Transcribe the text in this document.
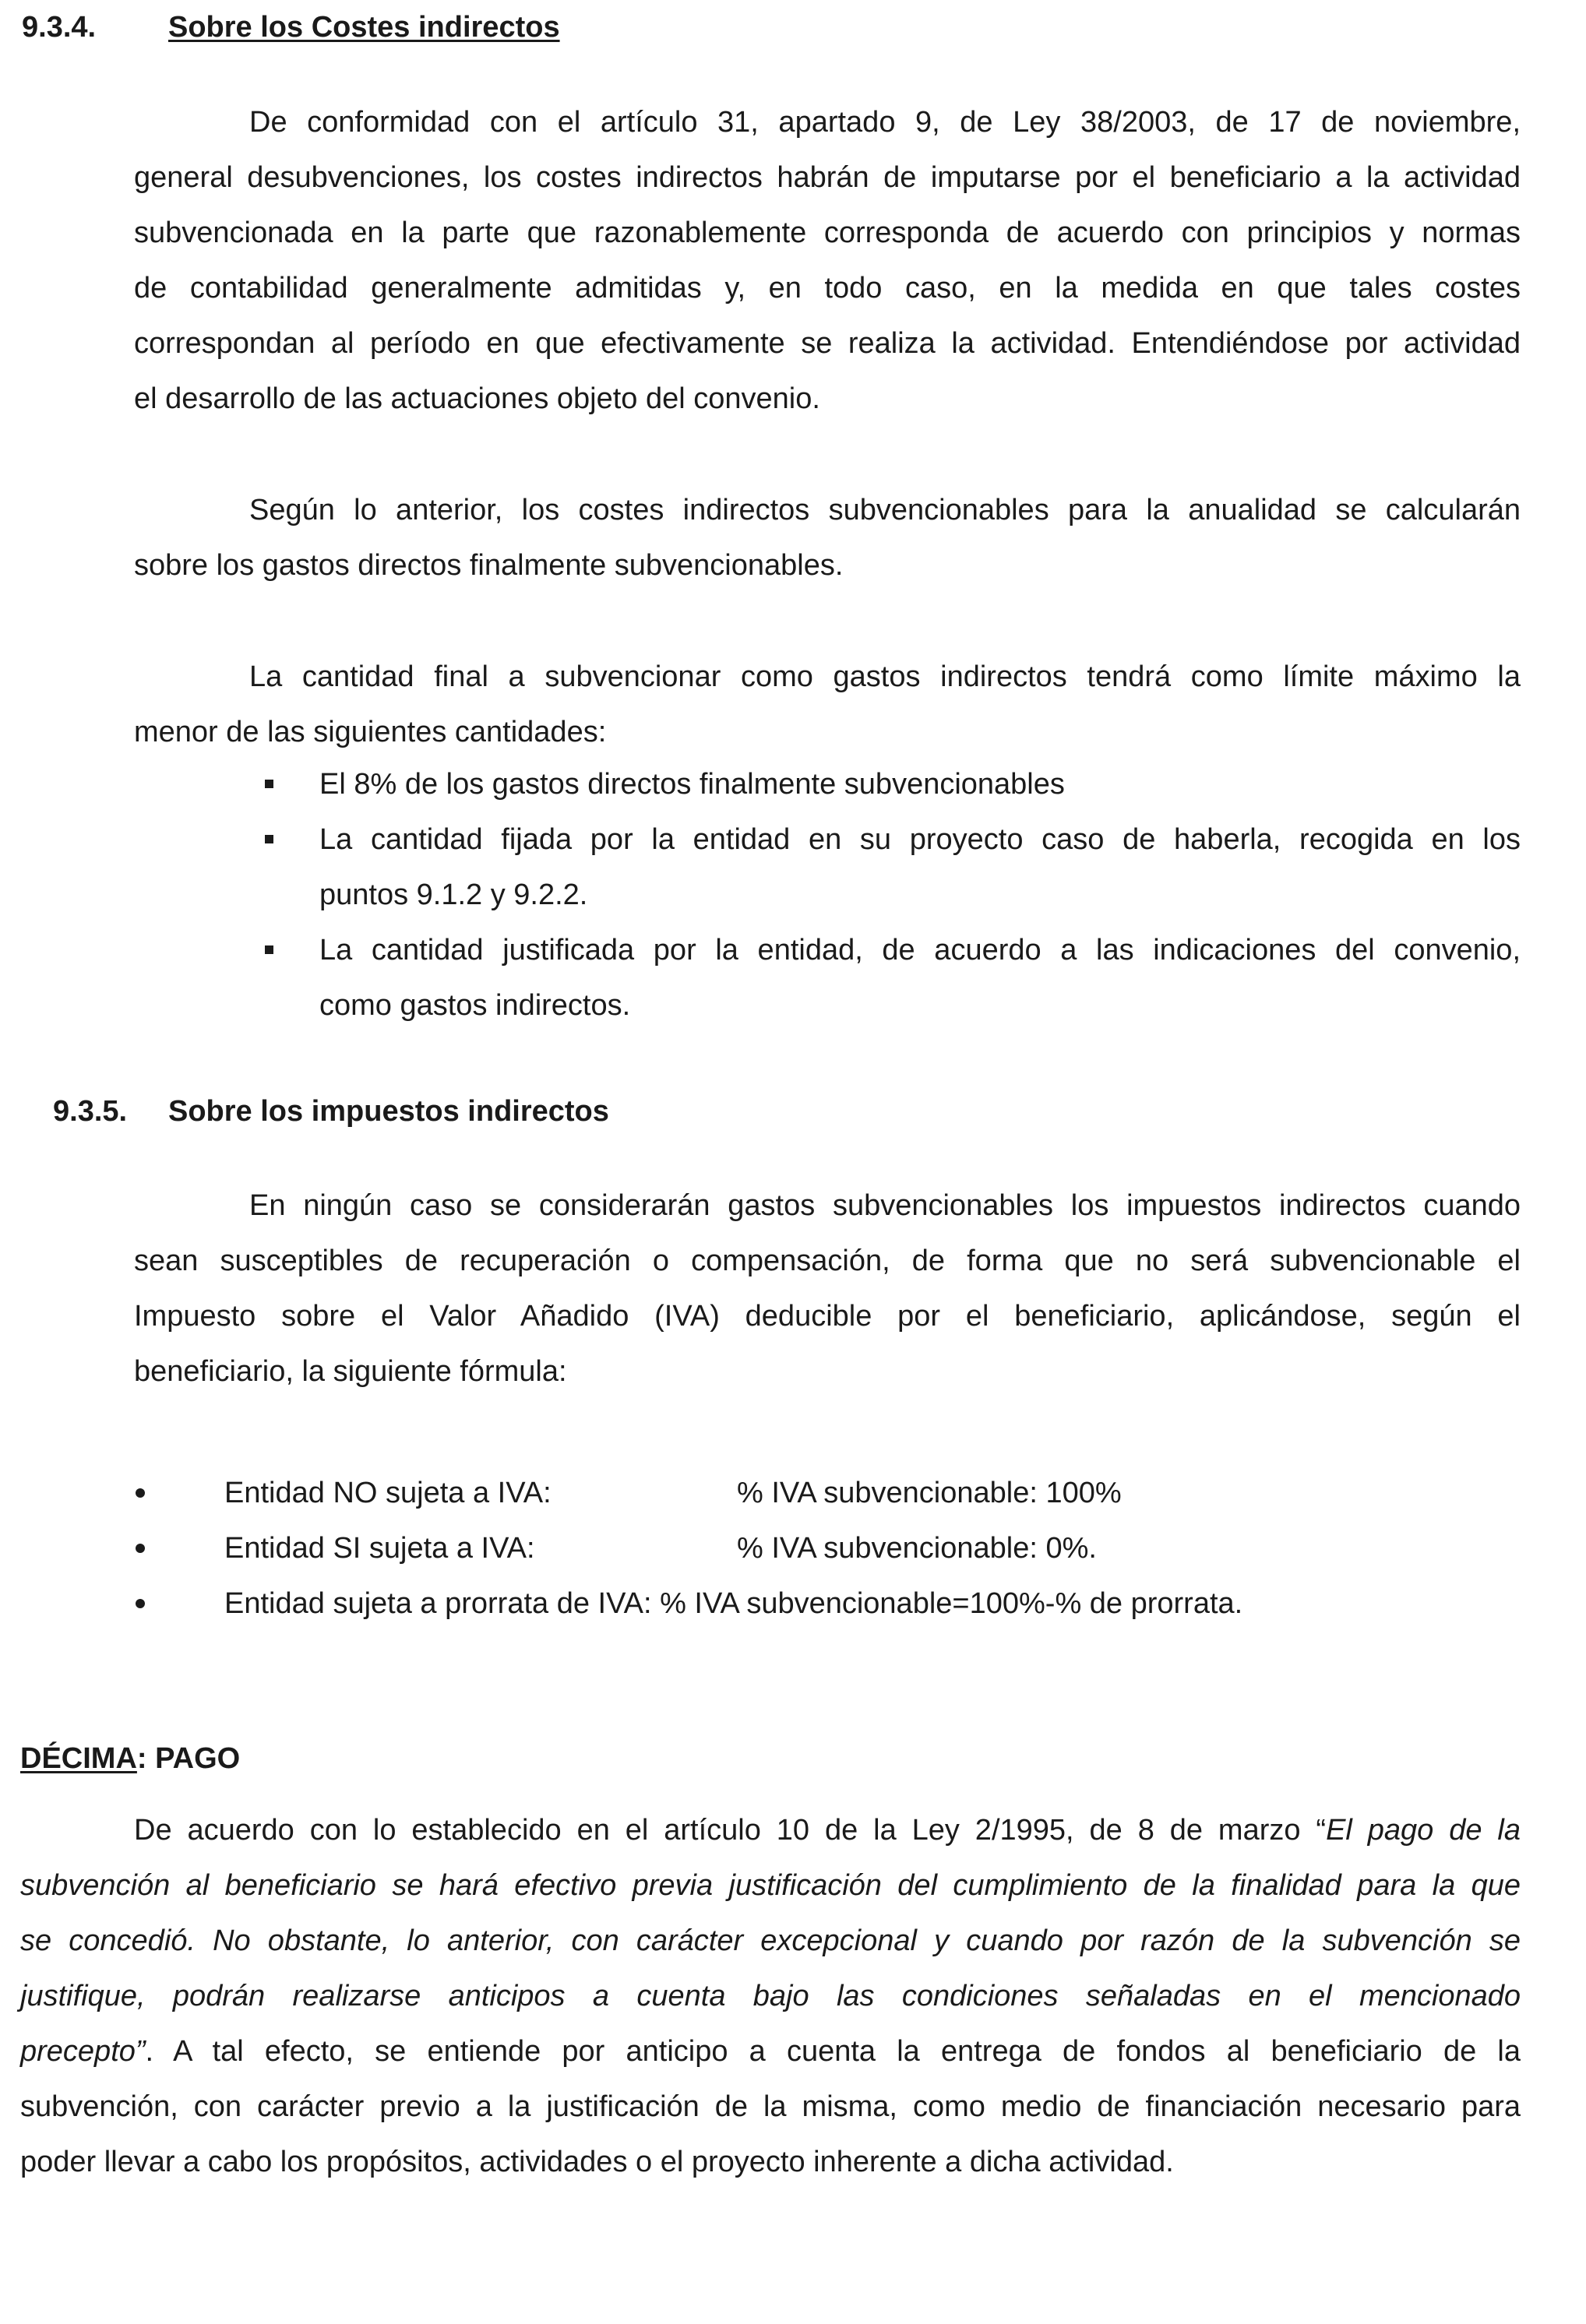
9.3.4. Sobre los Costes indirectos
De conformidad con el artículo 31, apartado 9, de Ley 38/2003, de 17 de noviembre,
general desubvenciones, los costes indirectos habrán de imputarse por el beneficiario a la actividad
subvencionada en la parte que razonablemente corresponda de acuerdo con principios y normas
de contabilidad generalmente admitidas y, en todo caso, en la medida en que tales costes
correspondan al período en que efectivamente se realiza la actividad. Entendiéndose por actividad
el desarrollo de las actuaciones objeto del convenio.
Según lo anterior, los costes indirectos subvencionables para la anualidad se calcularán
sobre los gastos directos finalmente subvencionables.
La cantidad final a subvencionar como gastos indirectos tendrá como límite máximo la
menor de las siguientes cantidades:
El 8% de los gastos directos finalmente subvencionables
La cantidad fijada por la entidad en su proyecto caso de haberla, recogida en los
puntos 9.1.2 y 9.2.2.
La cantidad justificada por la entidad, de acuerdo a las indicaciones del convenio,
como gastos indirectos.
9.3.5. Sobre los impuestos indirectos
En ningún caso se considerarán gastos subvencionables los impuestos indirectos cuando
sean susceptibles de recuperación o compensación, de forma que no será subvencionable el
Impuesto sobre el Valor Añadido (IVA) deducible por el beneficiario, aplicándose, según el
beneficiario, la siguiente fórmula:
Entidad NO sujeta a IVA:	% IVA subvencionable: 100%
Entidad SI sujeta a IVA:	% IVA subvencionable: 0%.
Entidad sujeta a prorrata de IVA: % IVA subvencionable=100%-% de prorrata.
DÉCIMA: PAGO
De acuerdo con lo establecido en el artículo 10 de la Ley 2/1995, de 8 de marzo “El pago de la
subvención al beneficiario se hará efectivo previa justificación del cumplimiento de la finalidad para la que
se concedió. No obstante, lo anterior, con carácter excepcional y cuando por razón de la subvención se
justifique, podrán realizarse anticipos a cuenta bajo las condiciones señaladas en el mencionado
precepto”. A tal efecto, se entiende por anticipo a cuenta la entrega de fondos al beneficiario de la
subvención, con carácter previo a la justificación de la misma, como medio de financiación necesario para
poder llevar a cabo los propósitos, actividades o el proyecto inherente a dicha actividad.
